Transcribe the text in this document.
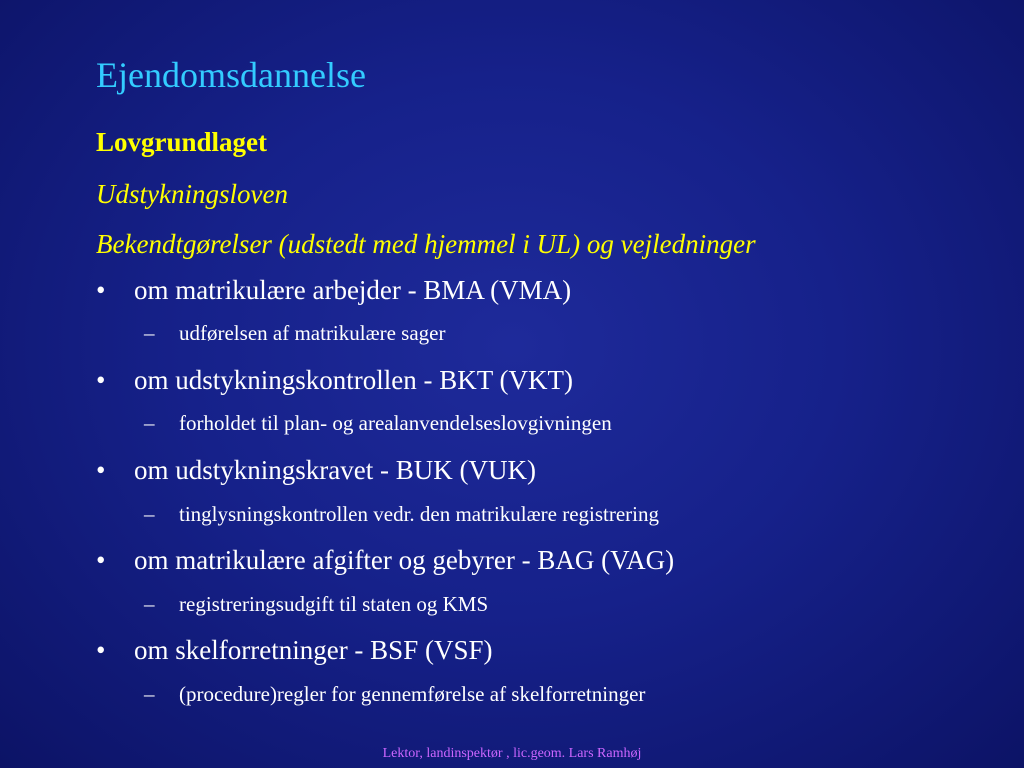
Ejendomsdannelse
Lovgrundlaget
Udstykningsloven
Bekendtgørelser (udstedt med hjemmel i UL) og vejledninger
• om matrikulære arbejder - BMA (VMA)
– udførelsen af matrikulære sager
• om udstykningskontrollen - BKT (VKT)
– forholdet til plan- og arealanvendelseslovgivningen
• om udstykningskravet - BUK (VUK)
– tinglysningskontrollen vedr. den matrikulære registrering
• om matrikulære afgifter og gebyrer - BAG (VAG)
– registreringsudgift til staten og KMS
• om skelforretninger - BSF (VSF)
– (procedure)regler for gennemførelse af skelforretninger
Lektor, landinspektør , lic.geom. Lars Ramhøj
